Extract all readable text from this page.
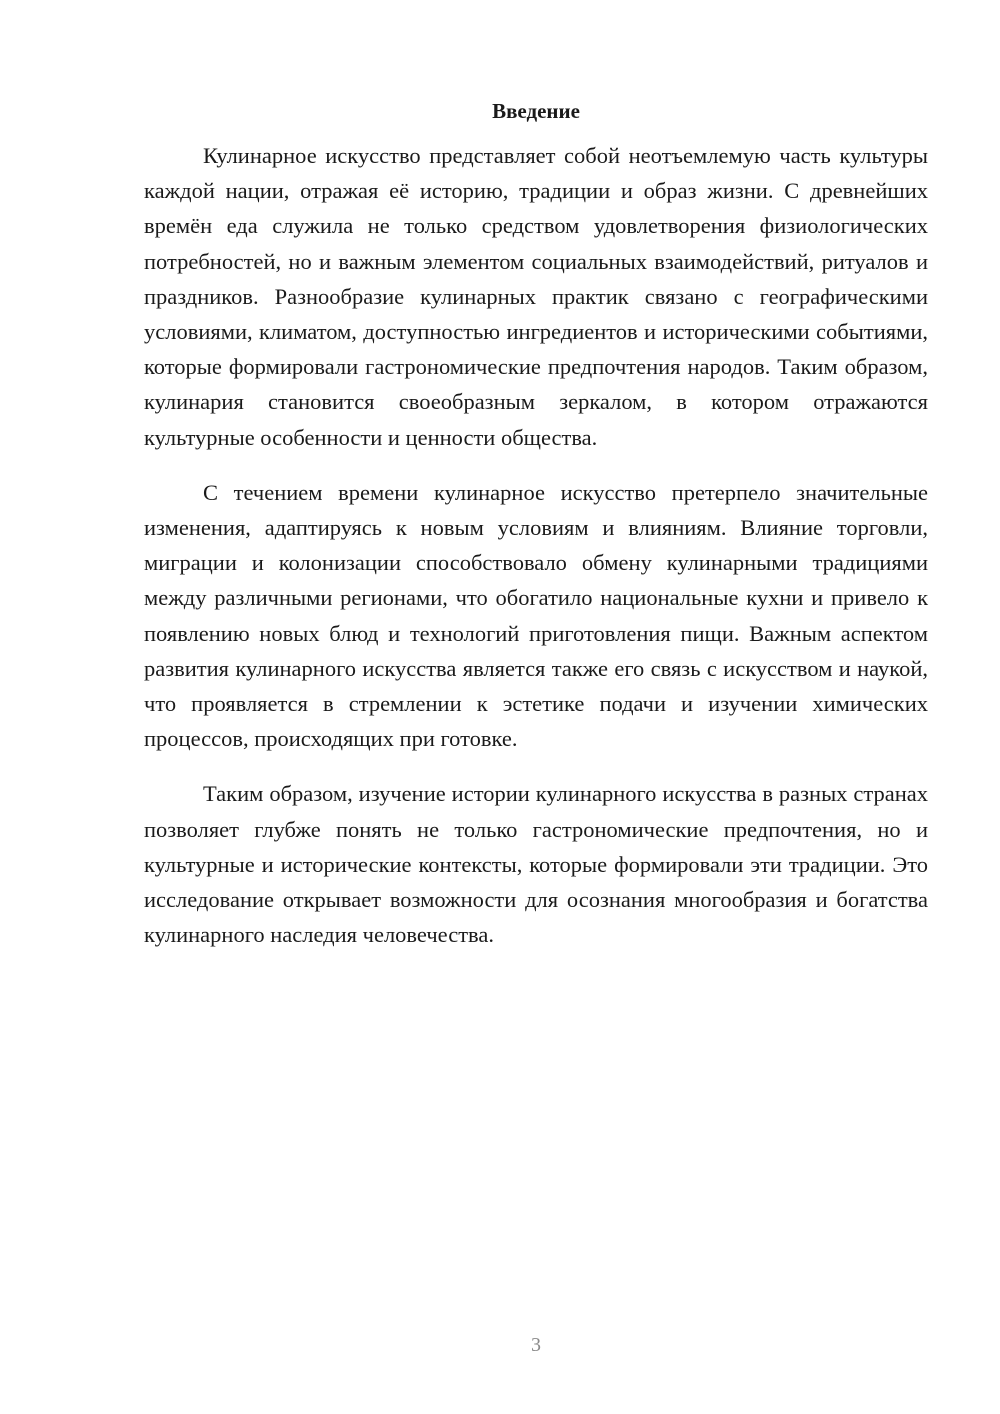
Введение

Кулинарное искусство представляет собой неотъемлемую часть культуры каждой нации, отражая её историю, традиции и образ жизни. С древнейших времён еда служила не только средством удовлетворения физиологических потребностей, но и важным элементом социальных взаимодействий, ритуалов и праздников. Разнообразие кулинарных практик связано с географическими условиями, климатом, доступностью ингредиентов и историческими событиями, которые формировали гастрономические предпочтения народов. Таким образом, кулинария становится своеобразным зеркалом, в котором отражаются культурные особенности и ценности общества.

С течением времени кулинарное искусство претерпело значительные изменения, адаптируясь к новым условиям и влияниям. Влияние торговли, миграции и колонизации способствовало обмену кулинарными традициями между различными регионами, что обогатило национальные кухни и привело к появлению новых блюд и технологий приготовления пищи. Важным аспектом развития кулинарного искусства является также его связь с искусством и наукой, что проявляется в стремлении к эстетике подачи и изучении химических процессов, происходящих при готовке.

Таким образом, изучение истории кулинарного искусства в разных странах позволяет глубже понять не только гастрономические предпочтения, но и культурные и исторические контексты, которые формировали эти традиции. Это исследование открывает возможности для осознания многообразия и богатства кулинарного наследия человечества.

3
